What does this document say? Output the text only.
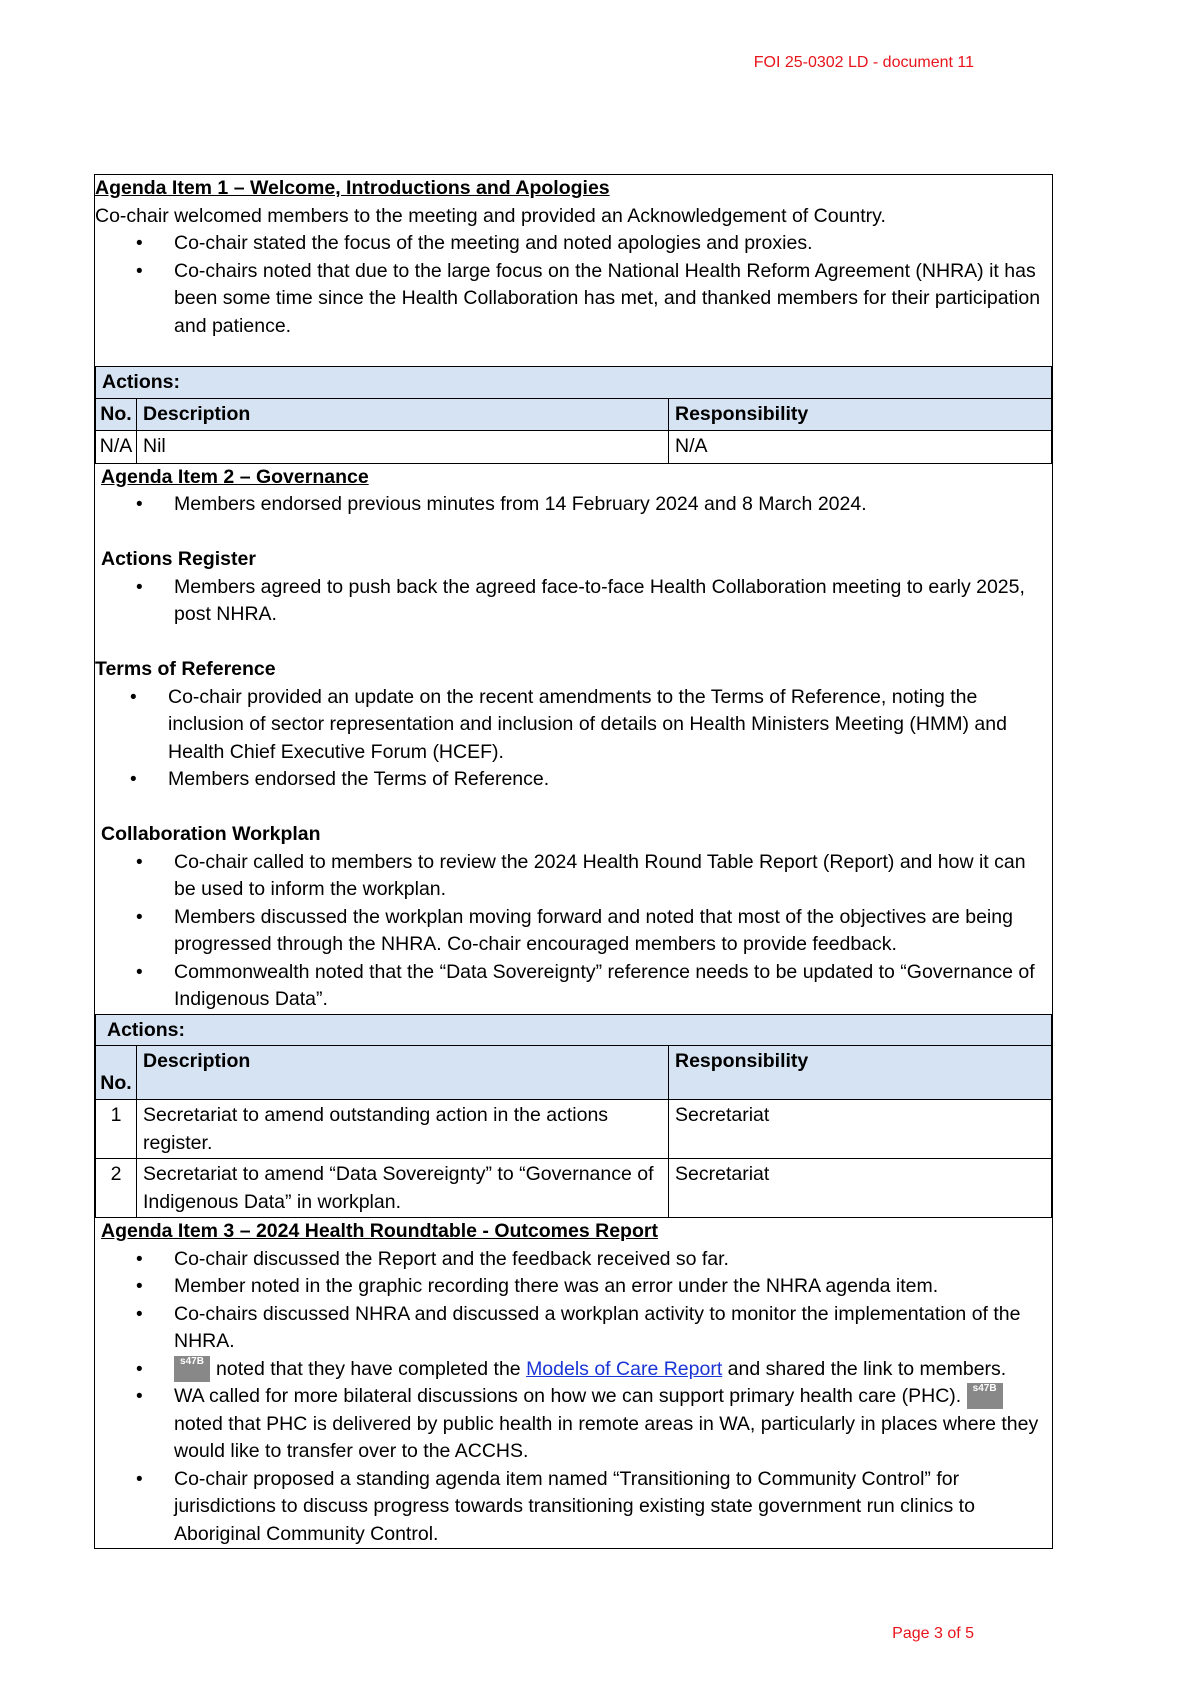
FOI 25-0302 LD - document 11
Agenda Item 1 – Welcome, Introductions and Apologies
Co-chair welcomed members to the meeting and provided an Acknowledgement of Country.
• Co-chair stated the focus of the meeting and noted apologies and proxies.
• Co-chairs noted that due to the large focus on the National Health Reform Agreement (NHRA) it has been some time since the Health Collaboration has met, and thanked members for their participation and patience.
Actions:		
No.	Description	Responsibility
N/A	Nil	N/A
Agenda Item 2 – Governance
• Members endorsed previous minutes from 14 February 2024 and 8 March 2024.
Actions Register
• Members agreed to push back the agreed face-to-face Health Collaboration meeting to early 2025, post NHRA.
Terms of Reference
• Co-chair provided an update on the recent amendments to the Terms of Reference, noting the inclusion of sector representation and inclusion of details on Health Ministers Meeting (HMM) and Health Chief Executive Forum (HCEF).
• Members endorsed the Terms of Reference.
Collaboration Workplan
• Co-chair called to members to review the 2024 Health Round Table Report (Report) and how it can be used to inform the workplan.
• Members discussed the workplan moving forward and noted that most of the objectives are being progressed through the NHRA. Co-chair encouraged members to provide feedback.
• Commonwealth noted that the “Data Sovereignty” reference needs to be updated to “Governance of Indigenous Data”.
Actions:		
No.	Description	Responsibility
1	Secretariat to amend outstanding action in the actions register.	Secretariat
2	Secretariat to amend “Data Sovereignty” to “Governance of Indigenous Data” in workplan.	Secretariat
Agenda Item 3 – 2024 Health Roundtable - Outcomes Report
• Co-chair discussed the Report and the feedback received so far.
• Member noted in the graphic recording there was an error under the NHRA agenda item.
• Co-chairs discussed NHRA and discussed a workplan activity to monitor the implementation of the NHRA.
• s47B noted that they have completed the Models of Care Report and shared the link to members.
• WA called for more bilateral discussions on how we can support primary health care (PHC). s47B noted that PHC is delivered by public health in remote areas in WA, particularly in places where they would like to transfer over to the ACCHS.
• Co-chair proposed a standing agenda item named “Transitioning to Community Control” for jurisdictions to discuss progress towards transitioning existing state government run clinics to Aboriginal Community Control.
Page 3 of 5
